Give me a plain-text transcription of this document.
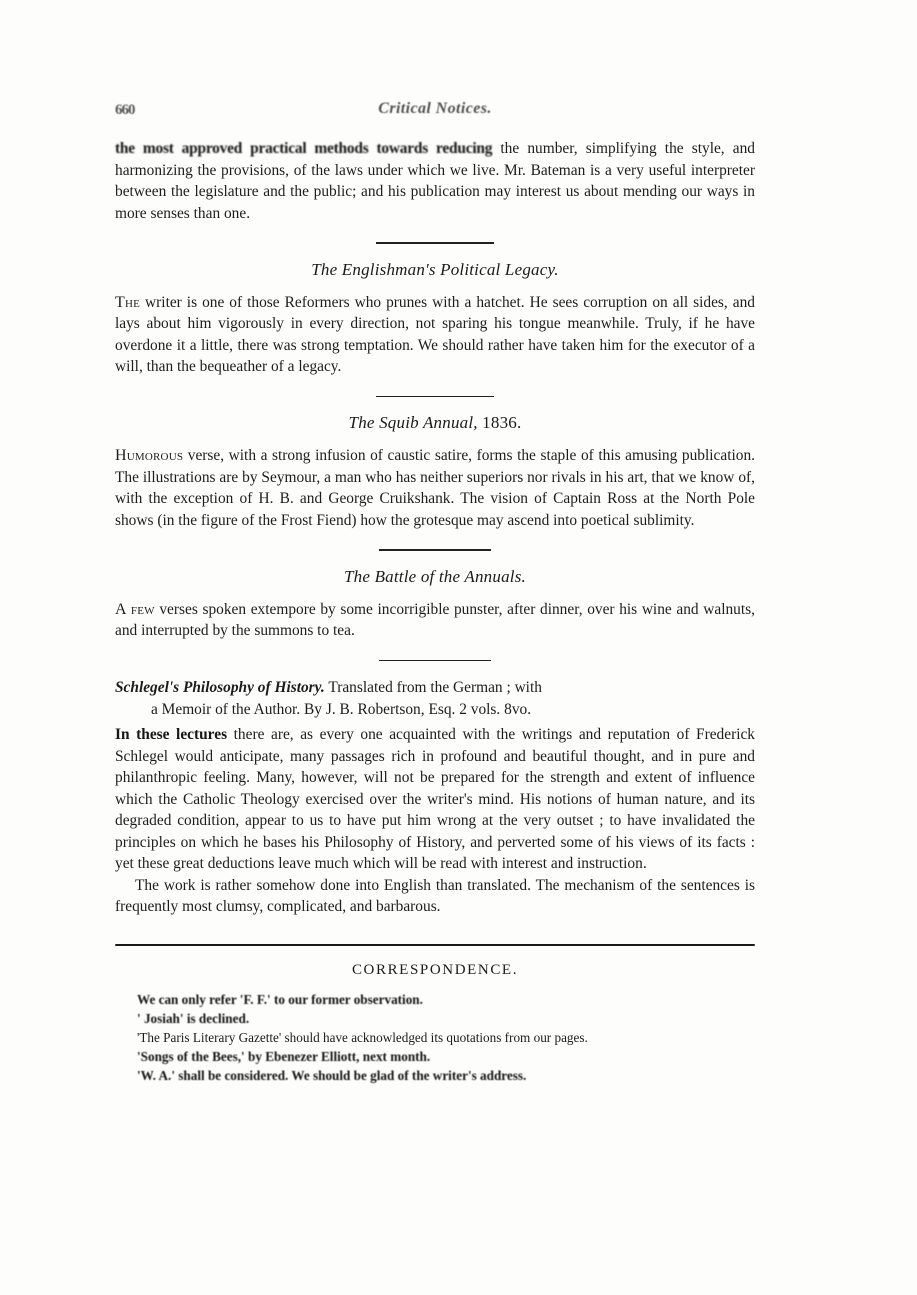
660	Critical Notices.

the most approved practical methods towards reducing the number, simplifying the style, and harmonizing the provisions, of the laws under which we live. Mr. Bateman is a very useful interpreter between the legislature and the public; and his publication may interest us about mending our ways in more senses than one.

The Englishman's Political Legacy.

The writer is one of those Reformers who prunes with a hatchet. He sees corruption on all sides, and lays about him vigorously in every direction, not sparing his tongue meanwhile. Truly, if he have overdone it a little, there was strong temptation. We should rather have taken him for the executor of a will, than the bequeather of a legacy.

The Squib Annual, 1836.

Humorous verse, with a strong infusion of caustic satire, forms the staple of this amusing publication. The illustrations are by Seymour, a man who has neither superiors nor rivals in his art, that we know of, with the exception of H. B. and George Cruikshank. The vision of Captain Ross at the North Pole shows (in the figure of the Frost Fiend) how the grotesque may ascend into poetical sublimity.

The Battle of the Annuals.

A few verses spoken extempore by some incorrigible punster, after dinner, over his wine and walnuts, and interrupted by the summons to tea.

Schlegel's Philosophy of History. Translated from the German ; with
a Memoir of the Author. By J. B. Robertson, Esq. 2 vols. 8vo.

In these lectures there are, as every one acquainted with the writings and reputation of Frederick Schlegel would anticipate, many passages rich in profound and beautiful thought, and in pure and philanthropic feeling. Many, however, will not be prepared for the strength and extent of influence which the Catholic Theology exercised over the writer's mind. His notions of human nature, and its degraded condition, appear to us to have put him wrong at the very outset ; to have invalidated the principles on which he bases his Philosophy of History, and perverted some of his views of its facts : yet these great deductions leave much which will be read with interest and instruction.

The work is rather somehow done into English than translated. The mechanism of the sentences is frequently most clumsy, complicated, and barbarous.

CORRESPONDENCE.
We can only refer 'F. F.' to our former observation.
' Josiah' is declined.
'The Paris Literary Gazette' should have acknowledged its quotations from our pages.
'Songs of the Bees,' by Ebenezer Elliott, next month.
'W. A.' shall be considered. We should be glad of the writer's address.
